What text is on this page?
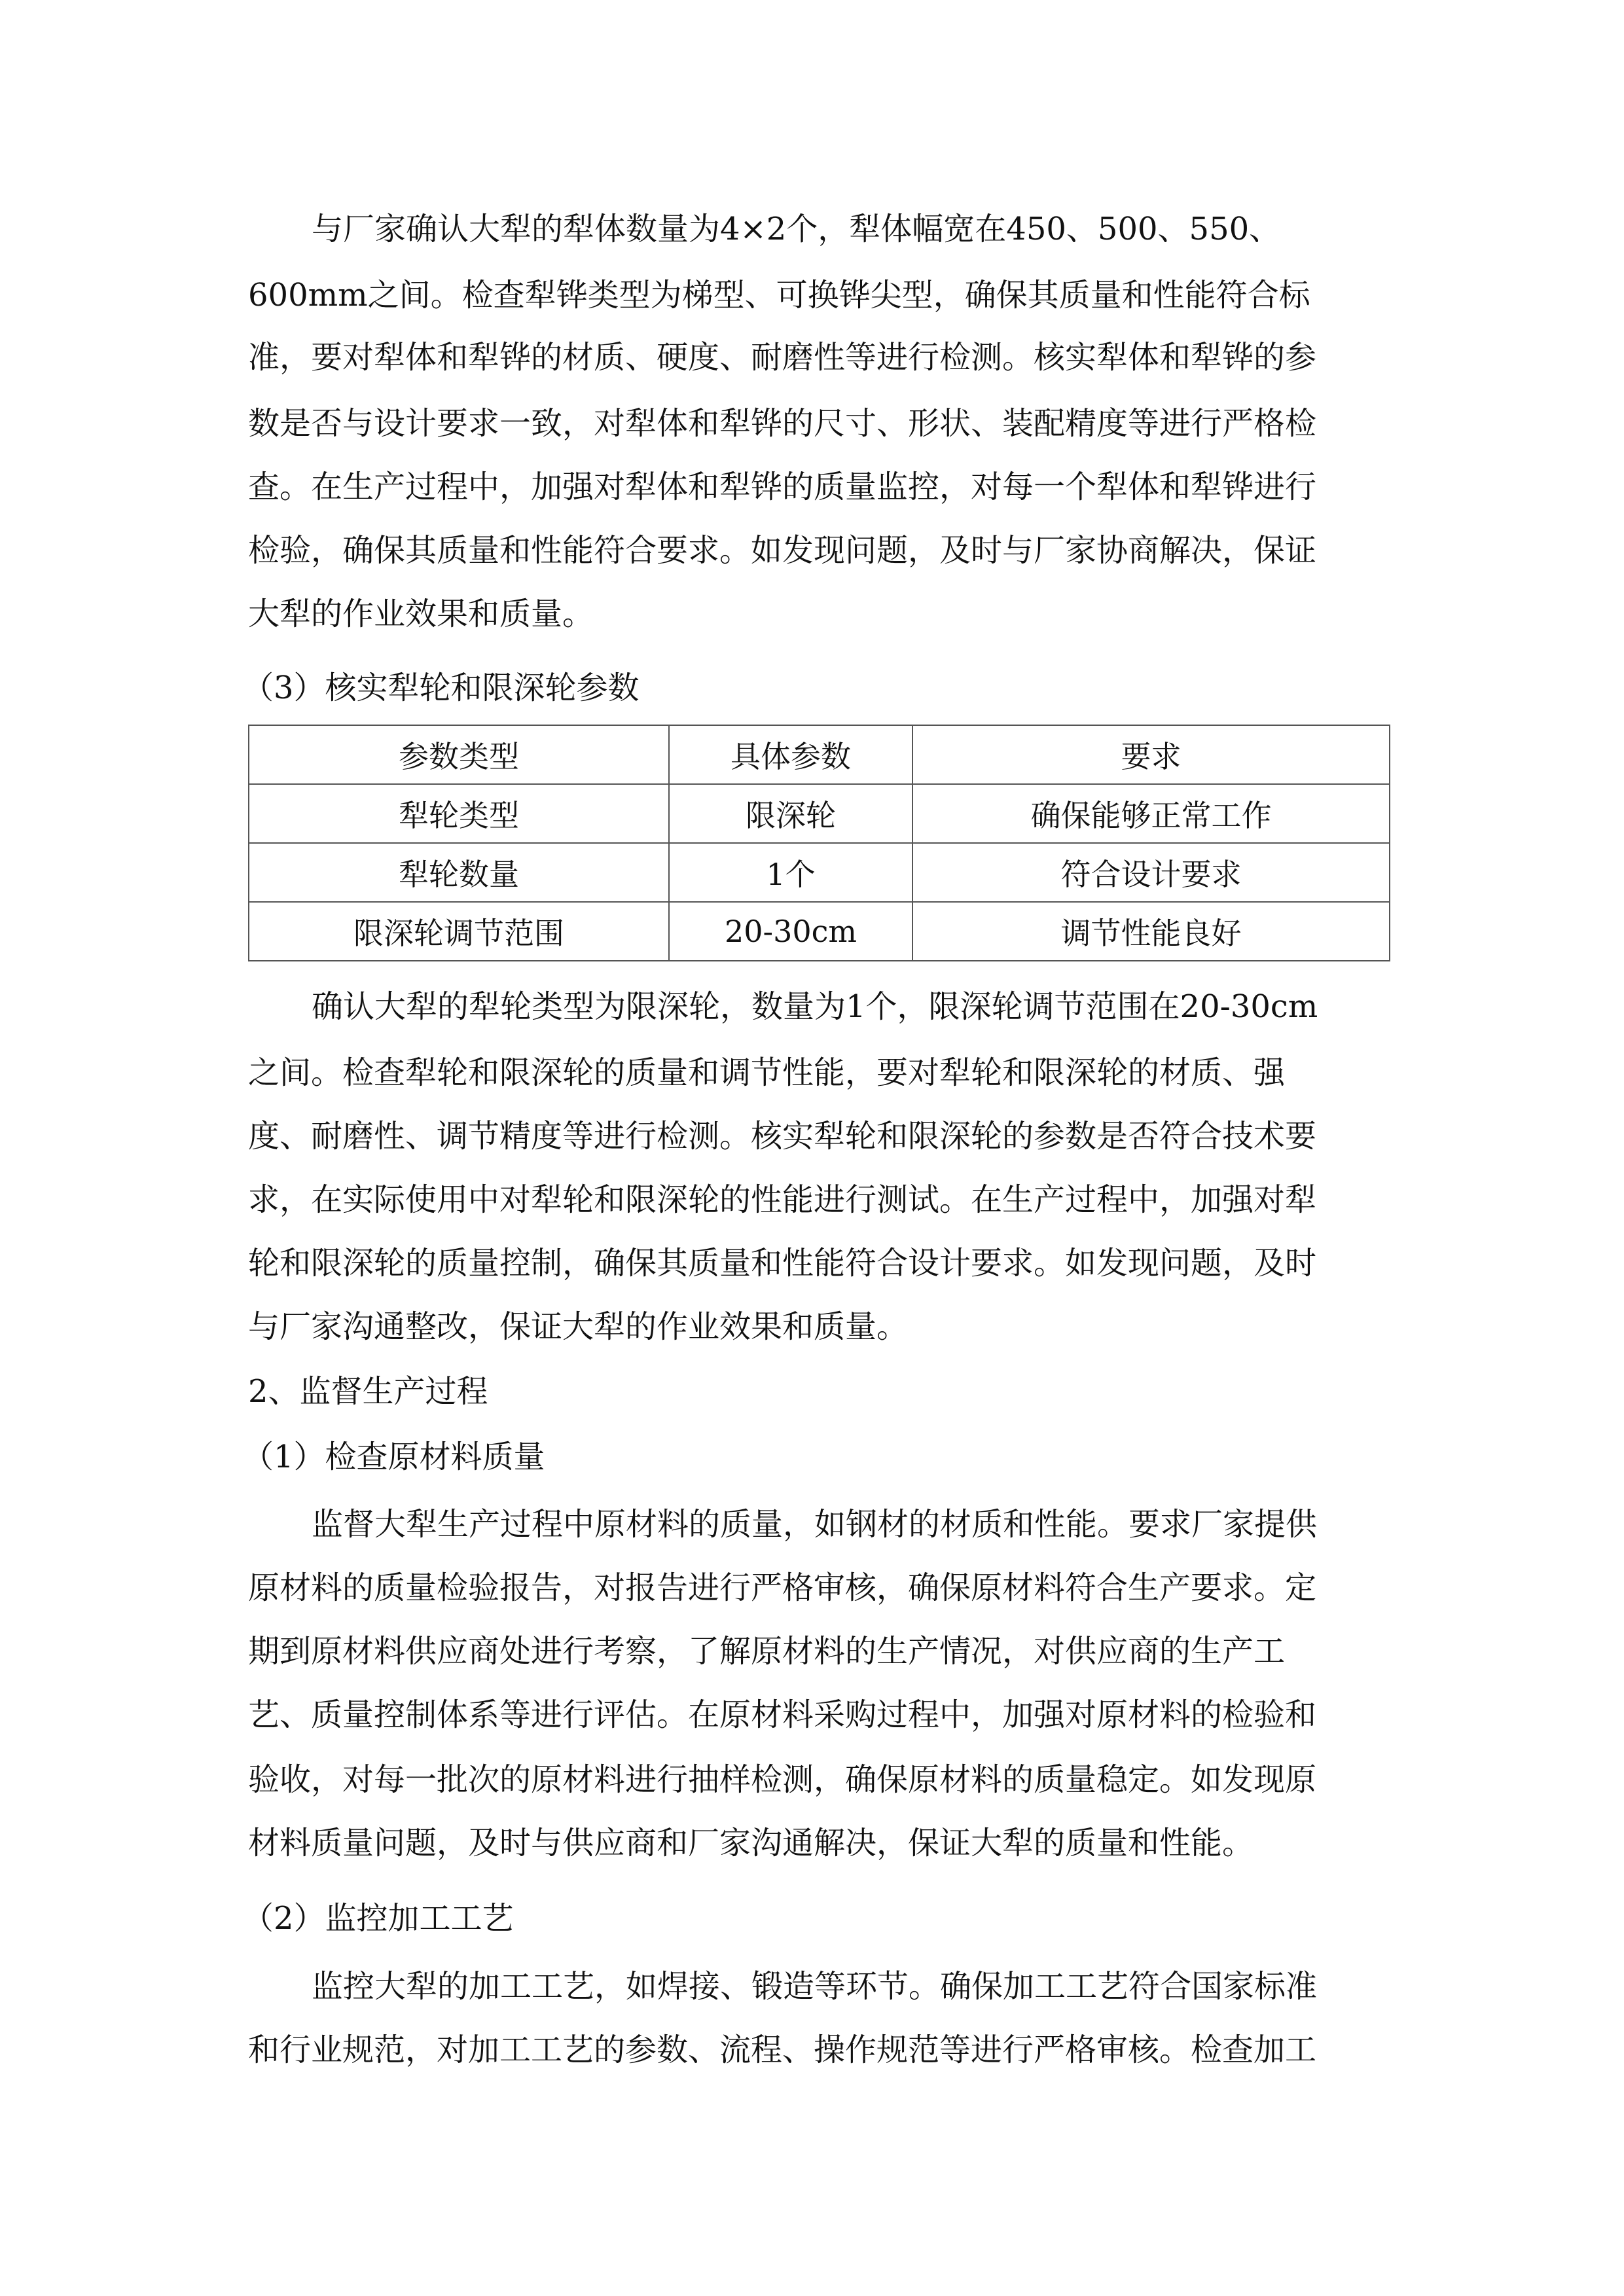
与厂家确认大犁的犁体数量为4×2个，犁体幅宽在450、500、550、
600mm之间。检查犁铧类型为梯型、可换铧尖型，确保其质量和性能符合标
准，要对犁体和犁铧的材质、硬度、耐磨性等进行检测。核实犁体和犁铧的参
数是否与设计要求一致，对犁体和犁铧的尺寸、形状、装配精度等进行严格检
查。在生产过程中，加强对犁体和犁铧的质量监控，对每一个犁体和犁铧进行
检验，确保其质量和性能符合要求。如发现问题，及时与厂家协商解决，保证
大犁的作业效果和质量。
（3）核实犁轮和限深轮参数
参数类型	具体参数	要求
犁轮类型	限深轮	确保能够正常工作
犁轮数量	1个	符合设计要求
限深轮调节范围	20-30cm	调节性能良好
确认大犁的犁轮类型为限深轮，数量为1个，限深轮调节范围在20-30cm
之间。检查犁轮和限深轮的质量和调节性能，要对犁轮和限深轮的材质、强
度、耐磨性、调节精度等进行检测。核实犁轮和限深轮的参数是否符合技术要
求，在实际使用中对犁轮和限深轮的性能进行测试。在生产过程中，加强对犁
轮和限深轮的质量控制，确保其质量和性能符合设计要求。如发现问题，及时
与厂家沟通整改，保证大犁的作业效果和质量。
2、监督生产过程
（1）检查原材料质量
监督大犁生产过程中原材料的质量，如钢材的材质和性能。要求厂家提供
原材料的质量检验报告，对报告进行严格审核，确保原材料符合生产要求。定
期到原材料供应商处进行考察，了解原材料的生产情况，对供应商的生产工
艺、质量控制体系等进行评估。在原材料采购过程中，加强对原材料的检验和
验收，对每一批次的原材料进行抽样检测，确保原材料的质量稳定。如发现原
材料质量问题，及时与供应商和厂家沟通解决，保证大犁的质量和性能。
（2）监控加工工艺
监控大犁的加工工艺，如焊接、锻造等环节。确保加工工艺符合国家标准
和行业规范，对加工工艺的参数、流程、操作规范等进行严格审核。检查加工
